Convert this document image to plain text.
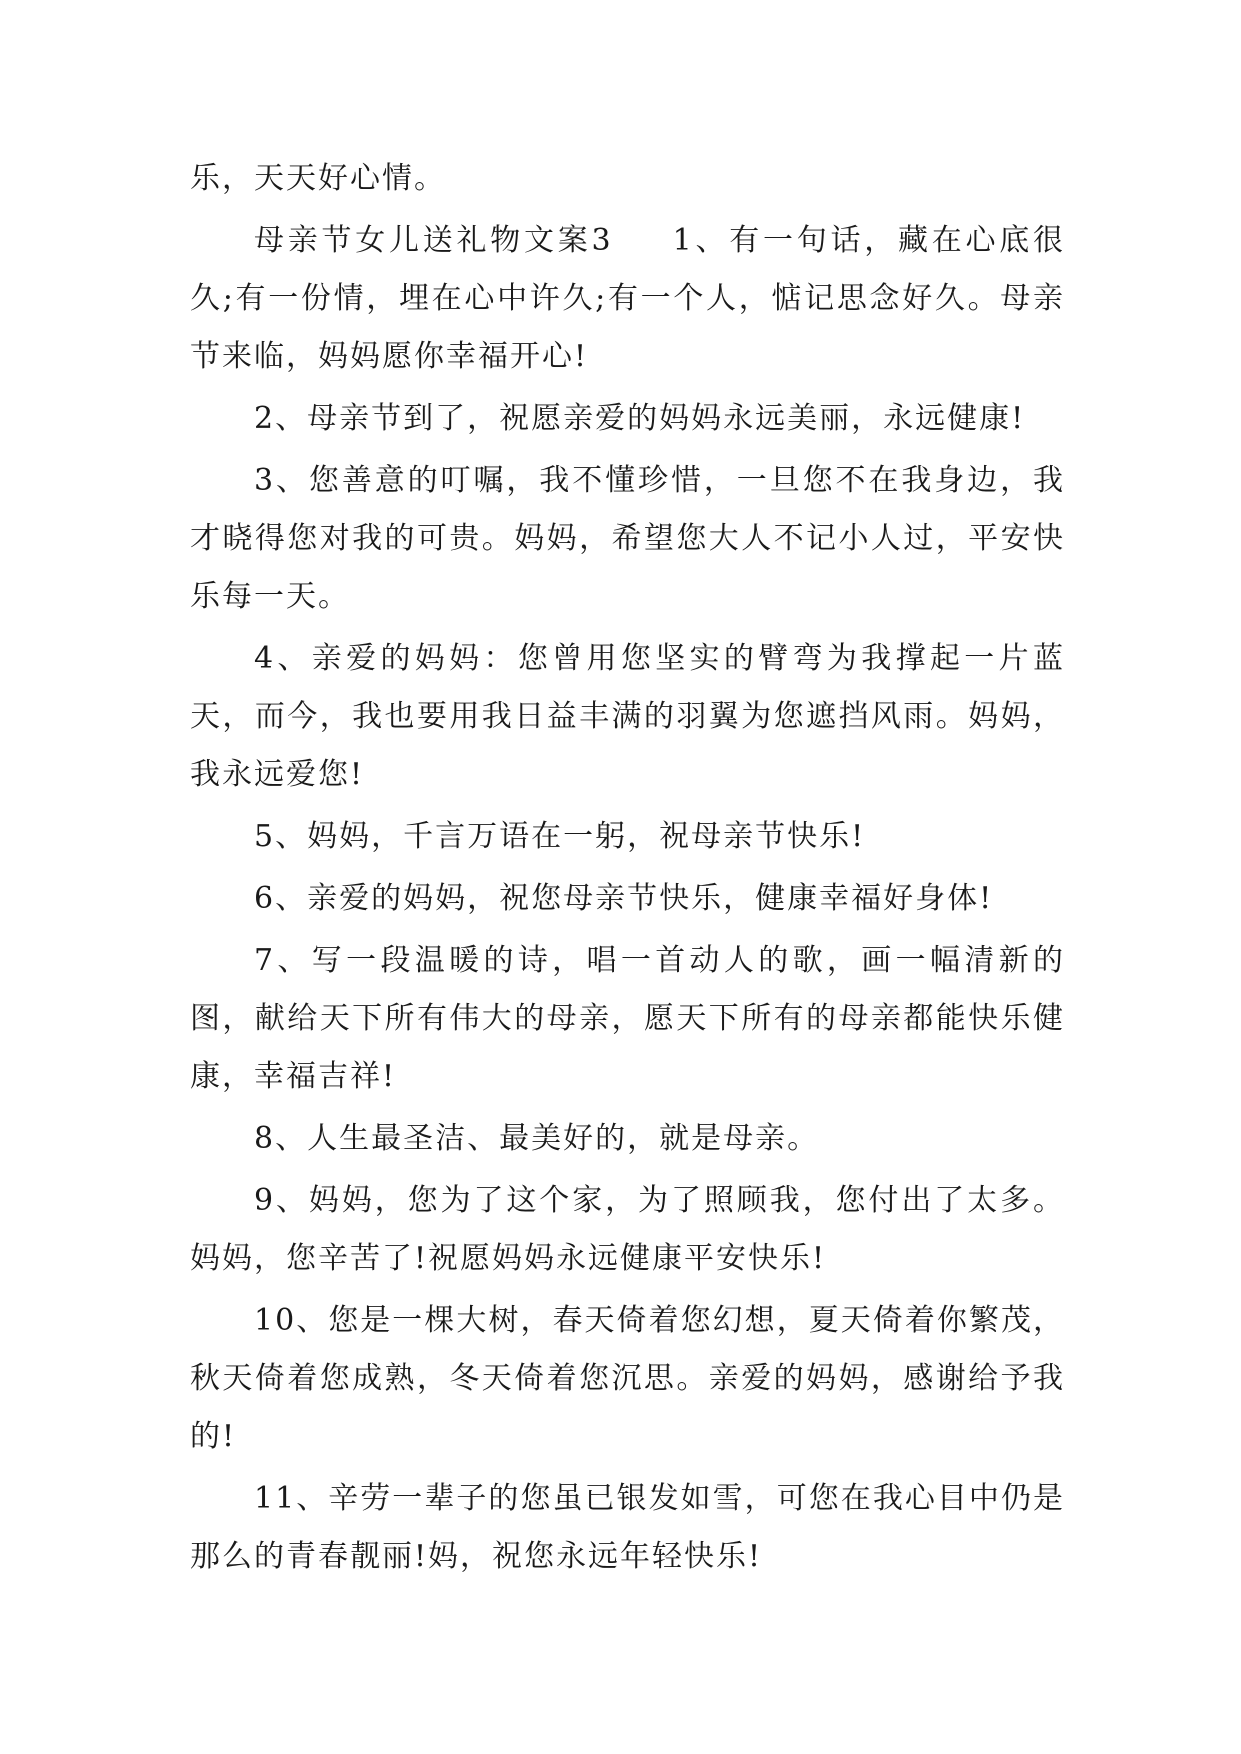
乐，天天好心情。

母亲节女儿送礼物文案3 1、有一句话，藏在心底很久;有一份情，埋在心中许久;有一个人，惦记思念好久。母亲节来临，妈妈愿你幸福开心!

2、母亲节到了，祝愿亲爱的妈妈永远美丽，永远健康!

3、您善意的叮嘱，我不懂珍惜，一旦您不在我身边，我才晓得您对我的可贵。妈妈，希望您大人不记小人过，平安快乐每一天。

4、亲爱的妈妈：您曾用您坚实的臂弯为我撑起一片蓝天，而今，我也要用我日益丰满的羽翼为您遮挡风雨。妈妈，我永远爱您!

5、妈妈，千言万语在一躬，祝母亲节快乐!

6、亲爱的妈妈，祝您母亲节快乐，健康幸福好身体!

7、写一段温暖的诗，唱一首动人的歌，画一幅清新的图，献给天下所有伟大的母亲，愿天下所有的母亲都能快乐健康，幸福吉祥!

8、人生最圣洁、最美好的，就是母亲。

9、妈妈，您为了这个家，为了照顾我，您付出了太多。妈妈，您辛苦了!祝愿妈妈永远健康平安快乐!

10、您是一棵大树，春天倚着您幻想，夏天倚着你繁茂，秋天倚着您成熟，冬天倚着您沉思。亲爱的妈妈，感谢给予我的!

11、辛劳一辈子的您虽已银发如雪，可您在我心目中仍是那么的青春靓丽!妈，祝您永远年轻快乐!
